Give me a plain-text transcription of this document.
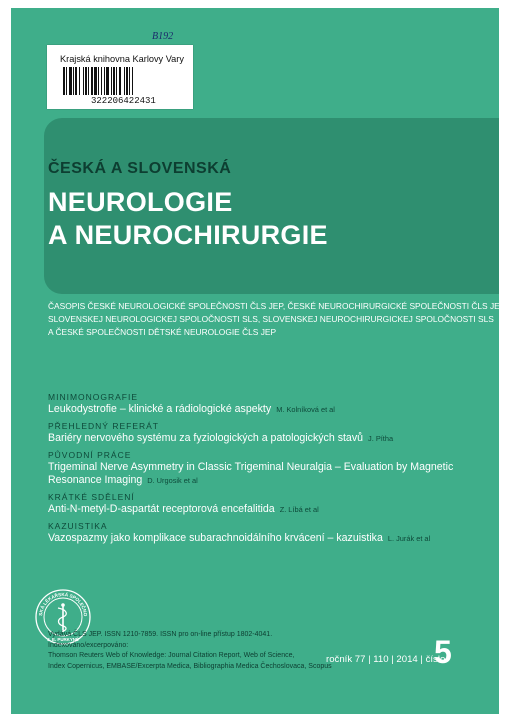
ČESKÁ A SLOVENSKÁ
NEUROLOGIE
A NEUROCHIRURGIE
ČASOPIS ČESKÉ NEUROLOGICKÉ SPOLEČNOSTI ČLS JEP, ČESKÉ NEUROCHIRURGICKÉ SPOLEČNOSTI ČLS JEP,
SLOVENSKEJ NEUROLOGICKEJ SPOLOČNOSTI SLS, SLOVENSKEJ NEUROCHIRURGICKEJ SPOLOČNOSTI SLS
A ČESKÉ SPOLEČNOSTI DĚTSKÉ NEUROLOGIE ČLS JEP
MINIMONOGRAFIE
Leukodystrofie – klinické a rádiologické aspekty M. Kolníková et al
PŘEHLEDNÝ REFERÁT
Bariéry nervového systému za fyziologických a patologických stavů J. Pítha
PŮVODNÍ PRÁCE
Trigeminal Nerve Asymmetry in Classic Trigeminal Neuralgia – Evaluation by Magnetic
Resonance Imaging D. Urgosik et al
KRÁTKÉ SDĚLENÍ
Anti-N-metyl-D-aspartát receptorová encefalitida Z. Líbá et al
KAZUISTIKA
Vazospazmy jako komplikace subarachnoidálního krvácení – kazuistika L. Jurák et al
SKÁ LÉKAŘSKÁ SPOLEČNO
J. E. PURKYNĚ
Vydává ČLS JEP. ISSN 1210-7859. ISSN pro on-line přístup 1802-4041.
Indexováno/excerpováno:
Thomson Reuters Web of Knowledge: Journal Citation Report, Web of Science,
Index Copernicus, EMBASE/Excerpta Medica, Bibliographia Medica Čechoslovaca, Scopus
ročník 77 | 110 | 2014 | číslo
5
Krajská knihovna Karlovy Vary
322206422431
B192
